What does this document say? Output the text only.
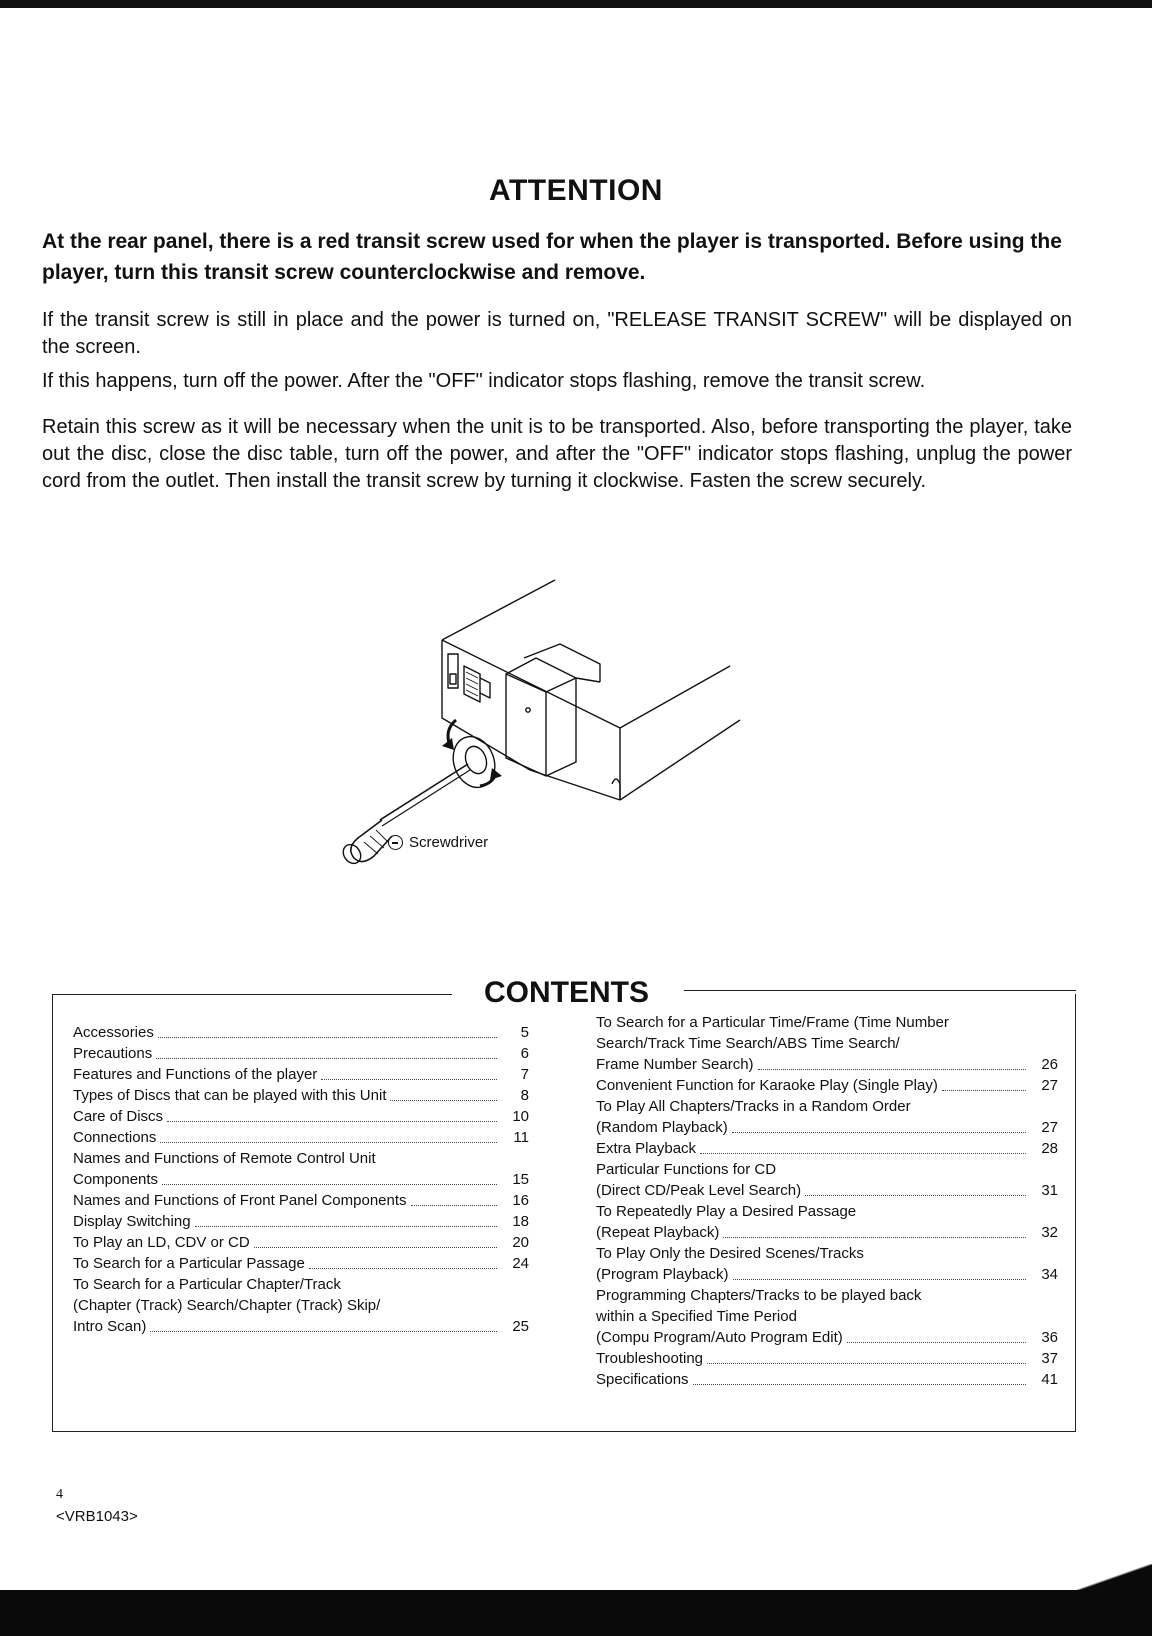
ATTENTION
At the rear panel, there is a red transit screw used for when the player is transported. Before using the player, turn this transit screw counterclockwise and remove.
If the transit screw is still in place and the power is turned on, "RELEASE TRANSIT SCREW" will be displayed on the screen.
If this happens, turn off the power. After the "OFF" indicator stops flashing, remove the transit screw.
Retain this screw as it will be necessary when the unit is to be transported. Also, before transporting the player, take out the disc, close the disc table, turn off the power, and after the "OFF" indicator stops flashing, unplug the power cord from the outlet. Then install the transit screw by turning it clockwise. Fasten the screw securely.
Screwdriver
CONTENTS
Accessories	5
Precautions	6
Features and Functions of the player	7
Types of Discs that can be played with this Unit	8
Care of Discs	10
Connections	11
Names and Functions of Remote Control Unit
Components	15
Names and Functions of Front Panel Components	16
Display Switching	18
To Play an LD, CDV or CD	20
To Search for a Particular Passage	24
To Search for a Particular Chapter/Track
(Chapter (Track) Search/Chapter (Track) Skip/
Intro Scan)	25
To Search for a Particular Time/Frame (Time Number
Search/Track Time Search/ABS Time Search/
Frame Number Search)	26
Convenient Function for Karaoke Play (Single Play)	27
To Play All Chapters/Tracks in a Random Order
(Random Playback)	27
Extra Playback	28
Particular Functions for CD
(Direct CD/Peak Level Search)	31
To Repeatedly Play a Desired Passage
(Repeat Playback)	32
To Play Only the Desired Scenes/Tracks
(Program Playback)	34
Programming Chapters/Tracks to be played back
within a Specified Time Period
(Compu Program/Auto Program Edit)	36
Troubleshooting	37
Specifications	41
4
<VRB1043>
